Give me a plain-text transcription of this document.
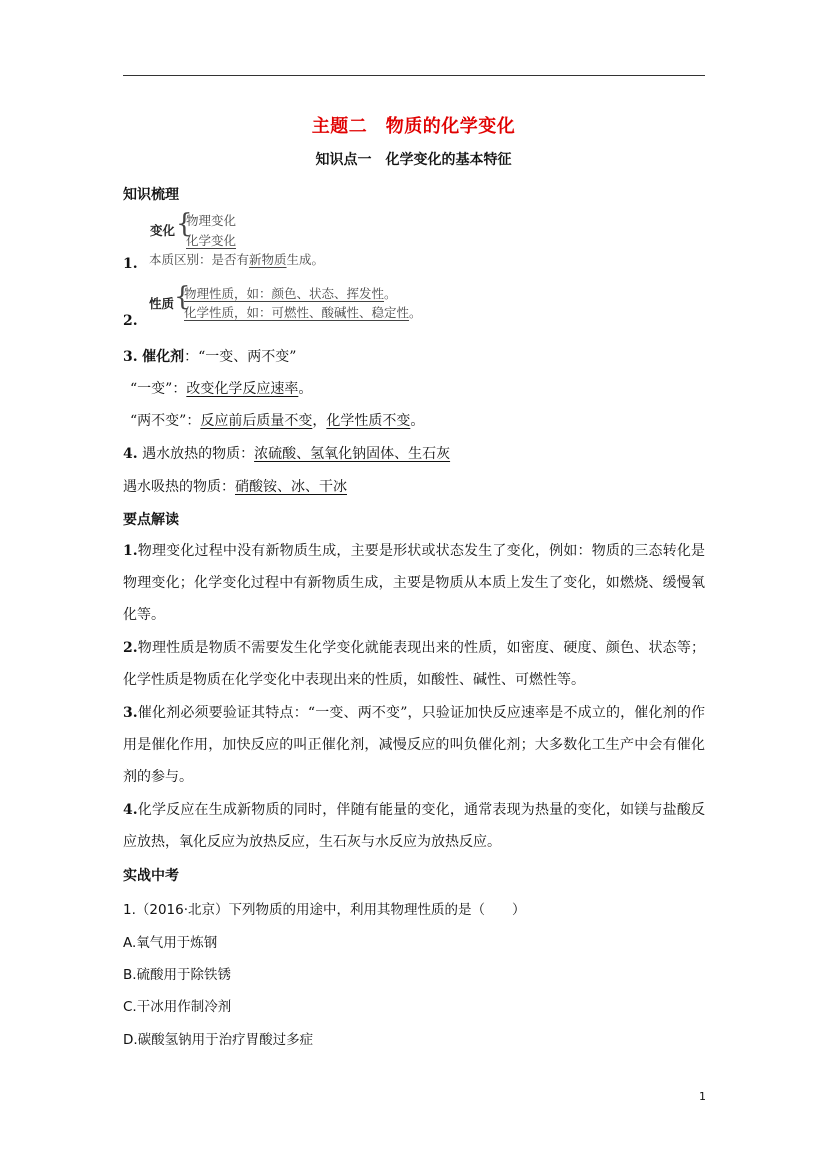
主题二　物质的化学变化
知识点一　化学变化的基本特征
知识梳理
变化 {
物理变化
化学变化
本质区别：是否有新物质生成。
1.
性质 {
物理性质，如：颜色、状态、挥发性。
化学性质，如：可燃性、酸碱性、稳定性。
2.
3. 催化剂：“一变、两不变”
“一变”：改变化学反应速率。
“两不变”：反应前后质量不变，化学性质不变。
4. 遇水放热的物质：浓硫酸、氢氧化钠固体、生石灰
遇水吸热的物质：硝酸铵、冰、干冰
要点解读
1.物理变化过程中没有新物质生成，主要是形状或状态发生了变化，例如：物质的三态转化是物理变化；化学变化过程中有新物质生成，主要是物质从本质上发生了变化，如燃烧、缓慢氧化等。
2.物理性质是物质不需要发生化学变化就能表现出来的性质，如密度、硬度、颜色、状态等；化学性质是物质在化学变化中表现出来的性质，如酸性、碱性、可燃性等。
3.催化剂必须要验证其特点：“一变、两不变”，只验证加快反应速率是不成立的，催化剂的作用是催化作用，加快反应的叫正催化剂，减慢反应的叫负催化剂；大多数化工生产中会有催化剂的参与。
4.化学反应在生成新物质的同时，伴随有能量的变化，通常表现为热量的变化，如镁与盐酸反应放热，氧化反应为放热反应，生石灰与水反应为放热反应。
实战中考
1.（2016·北京）下列物质的用途中，利用其物理性质的是（　　）
A.氧气用于炼钢
B.硫酸用于除铁锈
C.干冰用作制冷剂
D.碳酸氢钠用于治疗胃酸过多症
1
